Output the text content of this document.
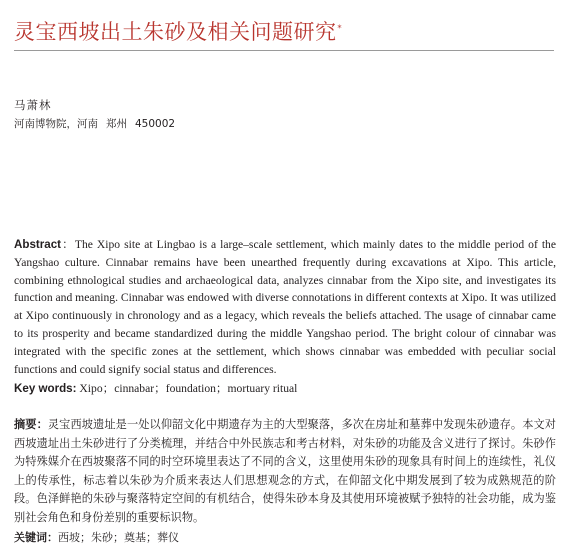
灵宝西坡出土朱砂及相关问题研究*
马萧林
河南博物院，河南 郑州 450002

Abstract：The Xipo site at Lingbao is a large–scale settlement, which mainly dates to the middle period of the Yangshao culture. Cinnabar remains have been unearthed frequently during excavations at Xipo. This article, combining ethnological studies and archaeological data, analyzes cinnabar from the Xipo site, and investigates its function and meaning. Cinnabar was endowed with diverse connotations in different contexts at Xipo. It was utilized at Xipo continuously in chronology and as a legacy, which reveals the beliefs attached. The usage of cinnabar came to its prosperity and became standardized during the middle Yangshao period. The bright colour of cinnabar was integrated with the specific zones at the settlement, which shows cinnabar was embedded with peculiar social functions and could signify social status and differences.

Key words: Xipo；cinnabar；foundation；mortuary ritual

摘要：灵宝西坡遗址是一处以仰韶文化中期遗存为主的大型聚落，多次在房址和墓葬中发现朱砂遗存。本文对西坡遗址出土朱砂进行了分类梳理，并结合中外民族志和考古材料，对朱砂的功能及含义进行了探讨。朱砂作为特殊媒介在西坡聚落不同的时空环境里表达了不同的含义，这里使用朱砂的现象具有时间上的连续性，礼仪上的传承性，标志着以朱砂为介质来表达人们思想观念的方式，在仰韶文化中期发展到了较为成熟规范的阶段。色泽鲜艳的朱砂与聚落特定空间的有机结合，使得朱砂本身及其使用环境被赋予独特的社会功能，成为鉴别社会角色和身份差别的重要标识物。

关键词：西坡；朱砂；奠基；葬仪
